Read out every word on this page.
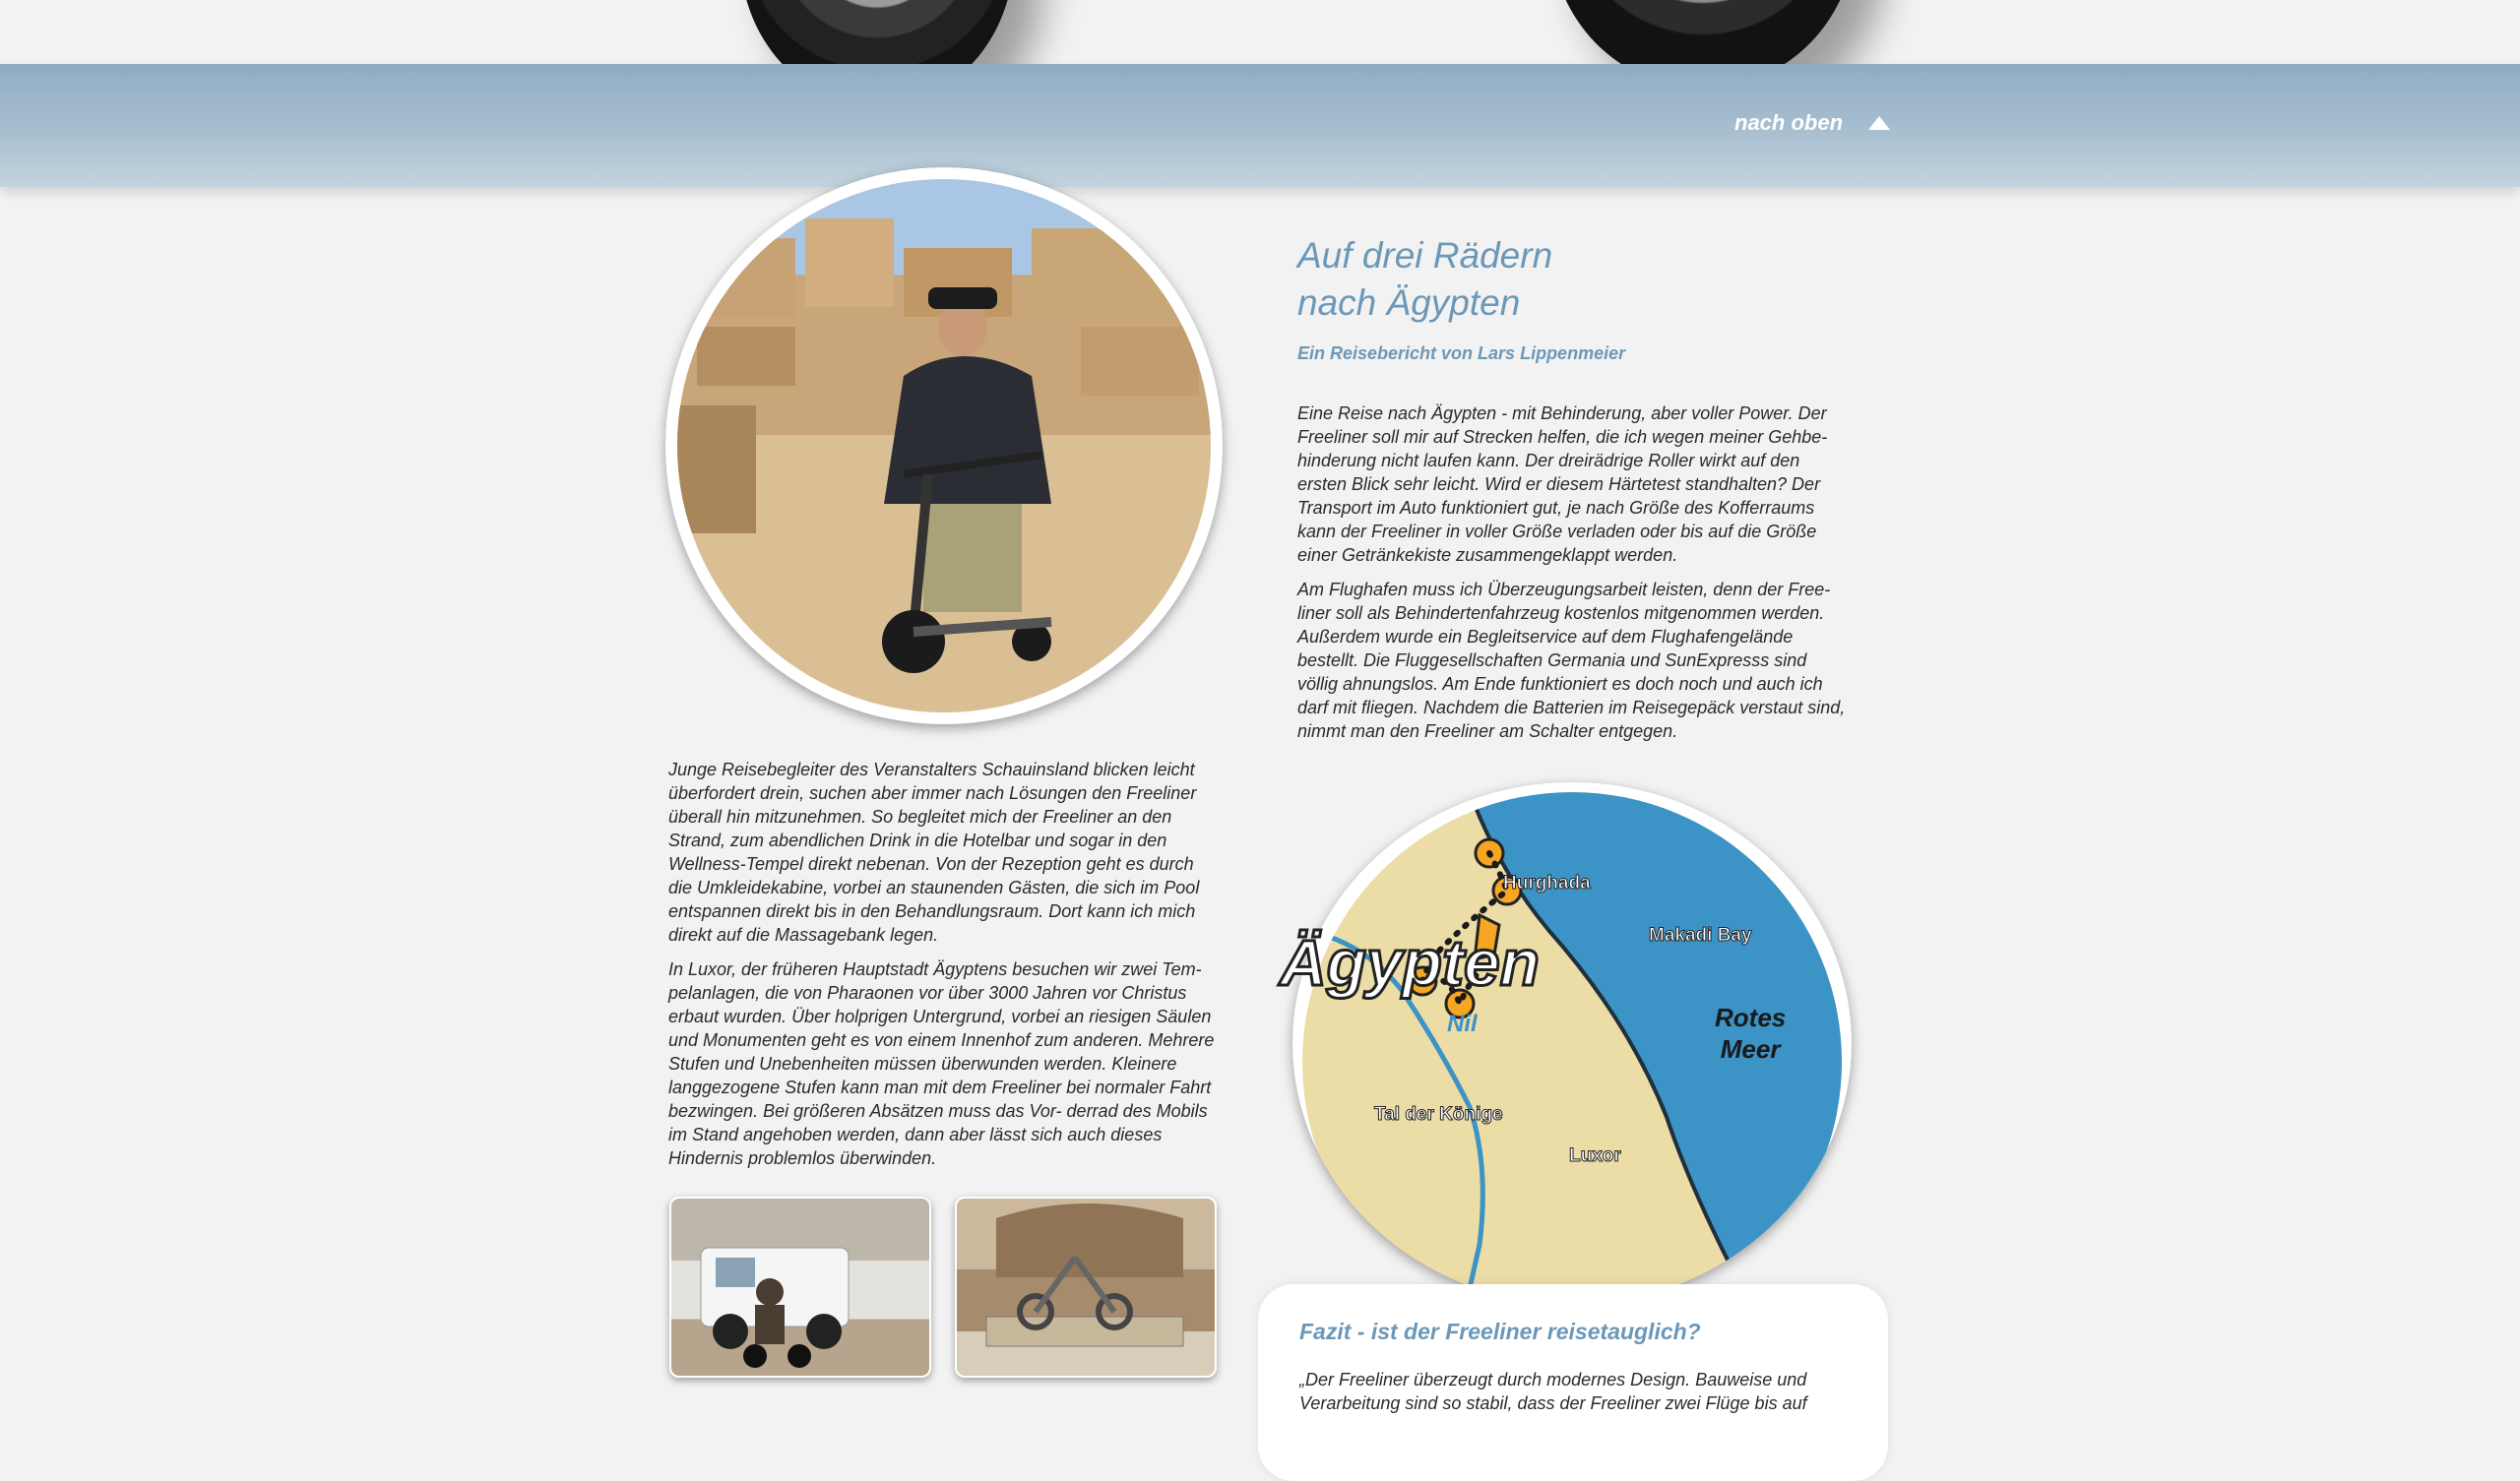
nach oben
Auf drei Rädern
nach Ägypten
Ein Reisebericht von Lars Lippenmeier

Eine Reise nach Ägypten - mit Behinderung, aber voller Power. Der Freeliner soll mir auf Strecken helfen, die ich wegen meiner Gehbe- hinderung nicht laufen kann. Der dreirädrige Roller wirkt auf den ersten Blick sehr leicht. Wird er diesem Härtetest standhalten? Der Transport im Auto funktioniert gut, je nach Größe des Kofferraums kann der Freeliner in voller Größe verladen oder bis auf die Größe einer Getränkekiste zusammengeklappt werden.

Am Flughafen muss ich Überzeugungsarbeit leisten, denn der Free- liner soll als Behindertenfahrzeug kostenlos mitgenommen werden. Außerdem wurde ein Begleitservice auf dem Flughafengelände bestellt. Die Fluggesellschaften Germania und SunExpresss sind völlig ahnungslos. Am Ende funktioniert es doch noch und auch ich darf mit fliegen. Nachdem die Batterien im Reisegepäck verstaut sind, nimmt man den Freeliner am Schalter entgegen.

Junge Reisebegleiter des Veranstalters Schauinsland blicken leicht überfordert drein, suchen aber immer nach Lösungen den Freeliner überall hin mitzunehmen. So begleitet mich der Freeliner an den Strand, zum abendlichen Drink in die Hotelbar und sogar in den Wellness-Tempel direkt nebenan. Von der Rezeption geht es durch die Umkleidekabine, vorbei an staunenden Gästen, die sich im Pool entspannen direkt bis in den Behandlungsraum. Dort kann ich mich direkt auf die Massagebank legen.

In Luxor, der früheren Hauptstadt Ägyptens besuchen wir zwei Tem- pelanlagen, die von Pharaonen vor über 3000 Jahren vor Christus erbaut wurden. Über holprigen Untergrund, vorbei an riesigen Säulen und Monumenten geht es von einem Innenhof zum anderen. Mehrere Stufen und Unebenheiten müssen überwunden werden. Kleinere langgezogene Stufen kann man mit dem Freeliner bei normaler Fahrt bezwingen. Bei größeren Absätzen muss das Vor- derrad des Mobils im Stand angehoben werden, dann aber lässt sich auch dieses Hindernis problemlos überwinden.

Ägypten
Nil	Rotes
Meer
Hurghada
Makadi Bay
Tal der Könige
Luxor
Fazit - ist der Freeliner reisetauglich?
„Der Freeliner überzeugt durch modernes Design. Bauweise und Verarbeitung sind so stabil, dass der Freeliner zwei Flüge bis auf
